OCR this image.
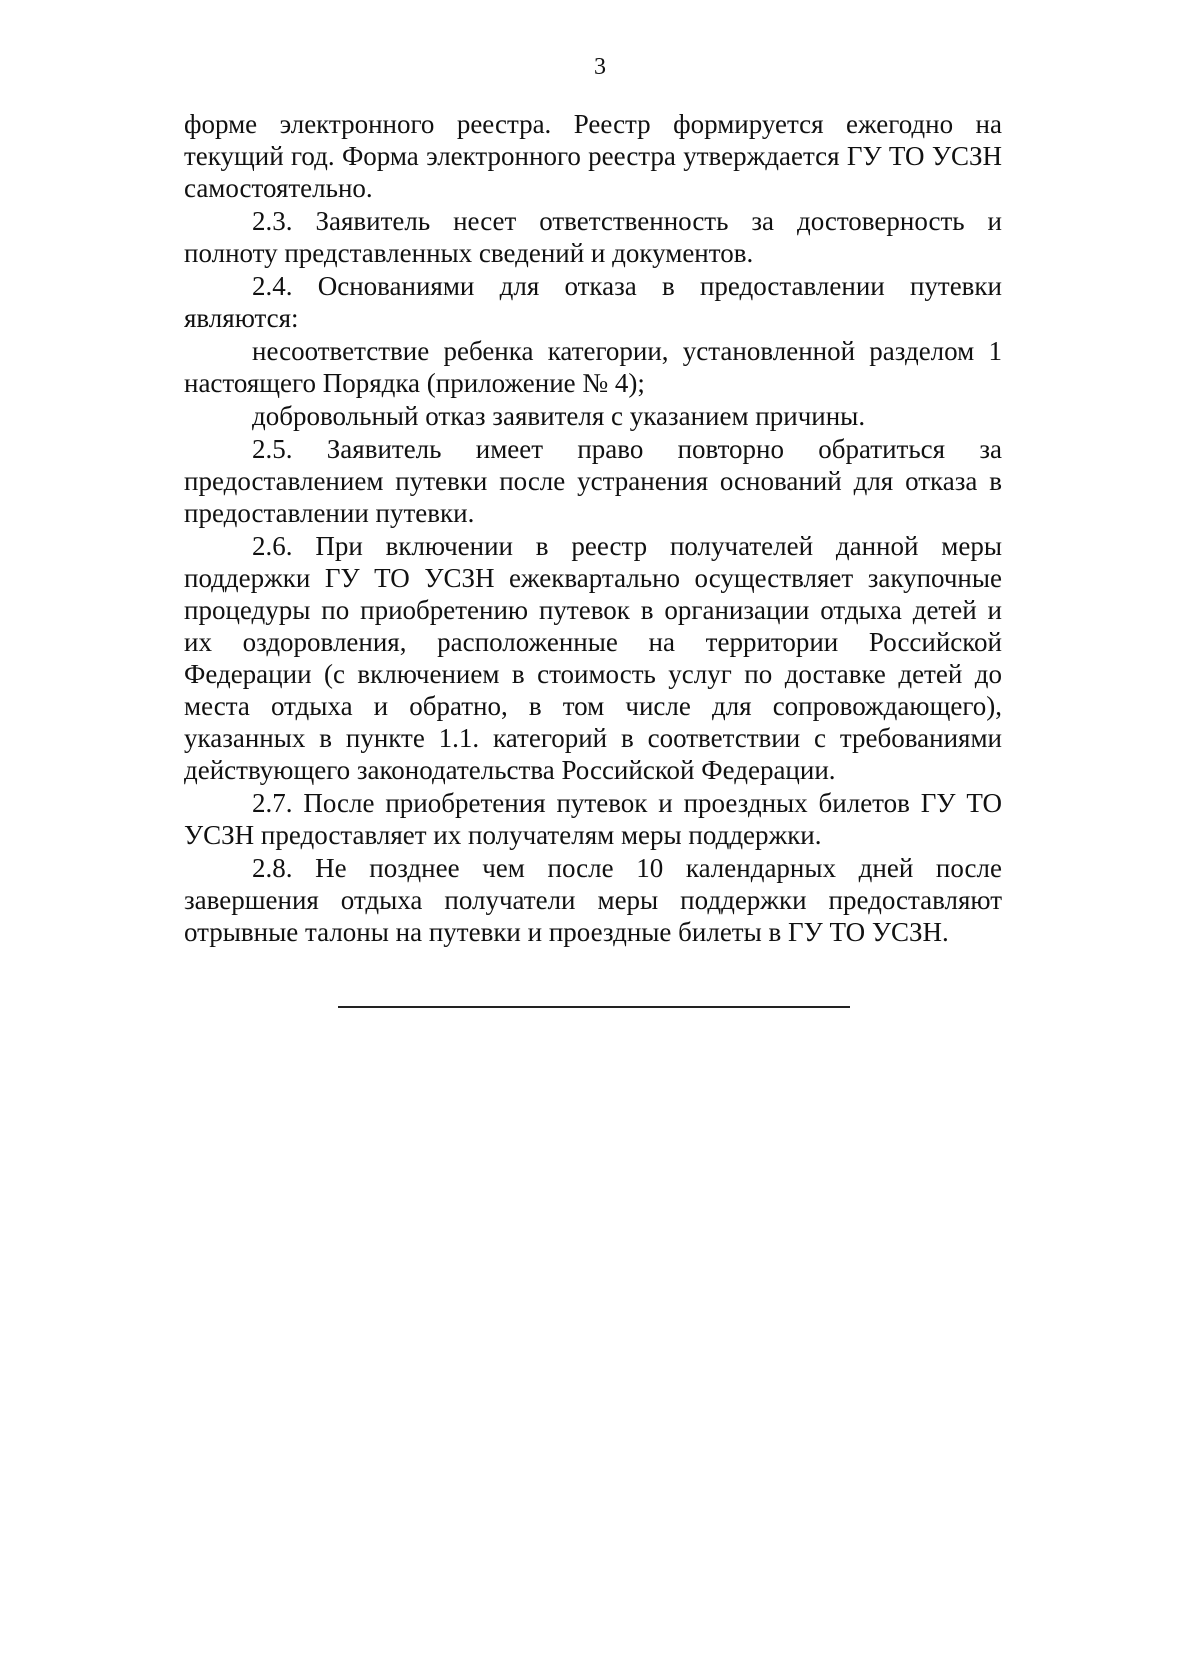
3

форме электронного реестра. Реестр формируется ежегодно на текущий год. Форма электронного реестра утверждается ГУ ТО УСЗН самостоятельно.

2.3. Заявитель несет ответственность за достоверность и полноту представленных сведений и документов.

2.4. Основаниями для отказа в предоставлении путевки являются:

несоответствие ребенка категории, установленной разделом 1 настоящего Порядка (приложение № 4);

добровольный отказ заявителя с указанием причины.

2.5. Заявитель имеет право повторно обратиться за предоставлением путевки после устранения оснований для отказа в предоставлении путевки.

2.6. При включении в реестр получателей данной меры поддержки ГУ ТО УСЗН ежеквартально осуществляет закупочные процедуры по приобретению путевок в организации отдыха детей и их оздоровления, расположенные на территории Российской Федерации (с включением в стоимость услуг по доставке детей до места отдыха и обратно, в том числе для сопровождающего), указанных в пункте 1.1. категорий в соответствии с требованиями действующего законодательства Российской Федерации.

2.7. После приобретения путевок и проездных билетов ГУ ТО УСЗН предоставляет их получателям меры поддержки.

2.8. Не позднее чем после 10 календарных дней после завершения отдыха получатели меры поддержки предоставляют отрывные талоны на путевки и проездные билеты в ГУ ТО УСЗН.
